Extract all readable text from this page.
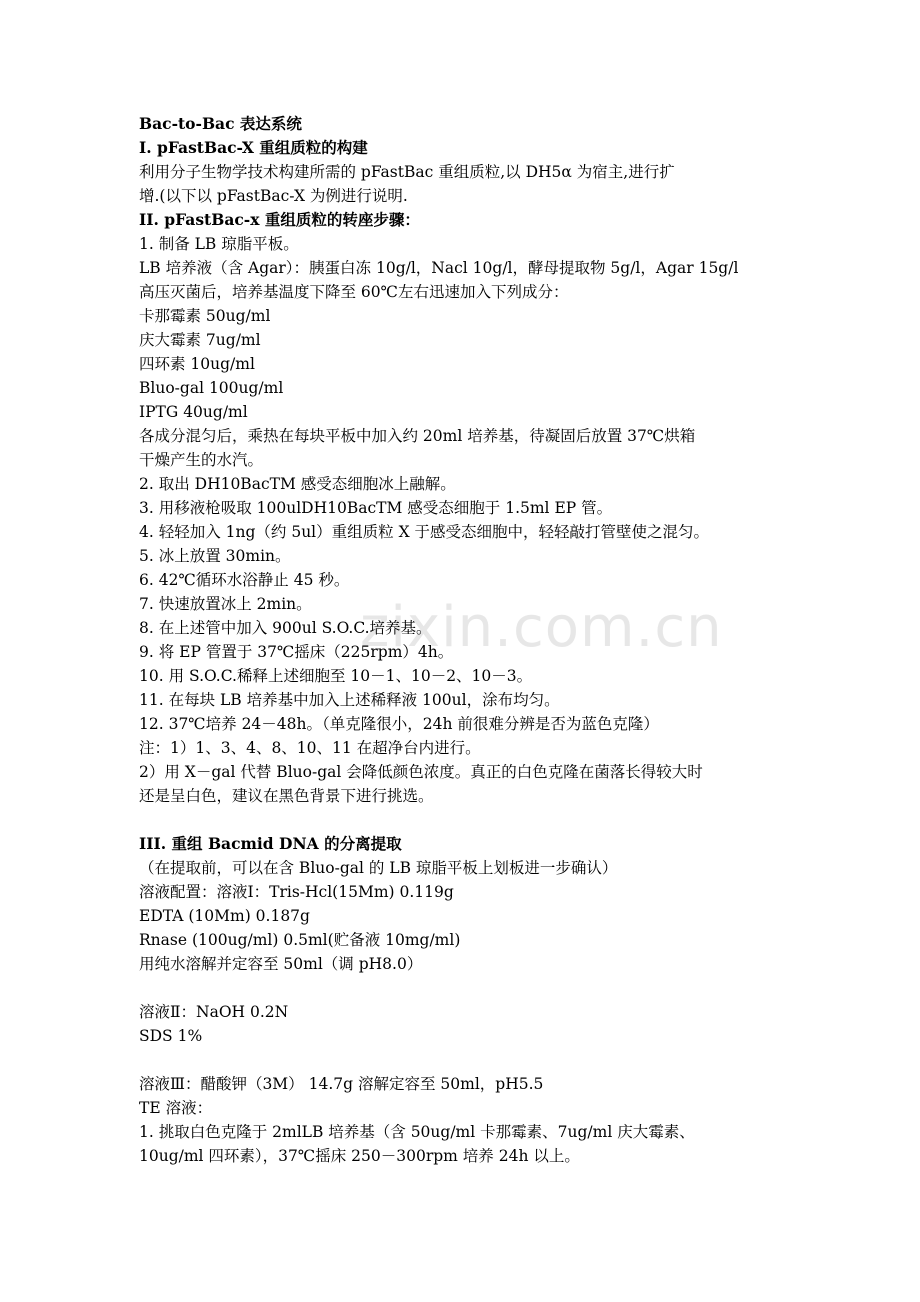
zixin.com.cn
Bac-to-Bac 表达系统
I. pFastBac-X 重组质粒的构建
利用分子生物学技术构建所需的 pFastBac 重组质粒,以 DH5α 为宿主,进行扩
增.(以下以 pFastBac-X 为例进行说明.
II. pFastBac-x 重组质粒的转座步骤：
1. 制备 LB 琼脂平板。
LB 培养液（含 Agar）：胰蛋白冻 10g/l，Nacl 10g/l，酵母提取物 5g/l，Agar 15g/l
高压灭菌后，培养基温度下降至 60℃左右迅速加入下列成分：
卡那霉素 50ug/ml
庆大霉素 7ug/ml
四环素 10ug/ml
Bluo-gal 100ug/ml
IPTG 40ug/ml
各成分混匀后，乘热在每块平板中加入约 20ml 培养基，待凝固后放置 37℃烘箱
干燥产生的水汽。
2. 取出 DH10BacTM 感受态细胞冰上融解。
3. 用移液枪吸取 100ulDH10BacTM 感受态细胞于 1.5ml EP 管。
4. 轻轻加入 1ng（约 5ul）重组质粒 X 于感受态细胞中，轻轻敲打管壁使之混匀。
5. 冰上放置 30min。
6. 42℃循环水浴静止 45 秒。
7. 快速放置冰上 2min。
8. 在上述管中加入 900ul S.O.C.培养基。
9. 将 EP 管置于 37℃摇床（225rpm）4h。
10. 用 S.O.C.稀释上述细胞至 10－1、10－2、10－3。
11. 在每块 LB 培养基中加入上述稀释液 100ul，涂布均匀。
12. 37℃培养 24－48h。（单克隆很小，24h 前很难分辨是否为蓝色克隆）
注：1）1、3、4、8、10、11 在超净台内进行。
2）用 X－gal 代替 Bluo-gal 会降低颜色浓度。真正的白色克隆在菌落长得较大时
还是呈白色，建议在黑色背景下进行挑选。
III. 重组 Bacmid DNA 的分离提取
（在提取前，可以在含 Bluo-gal 的 LB 琼脂平板上划板进一步确认）
溶液配置：溶液Ⅰ：Tris-Hcl(15Mm) 0.119g
EDTA (10Mm) 0.187g
Rnase (100ug/ml) 0.5ml(贮备液 10mg/ml)
用纯水溶解并定容至 50ml（调 pH8.0）
溶液Ⅱ：NaOH 0.2N
SDS 1%
溶液Ⅲ：醋酸钾（3M） 14.7g 溶解定容至 50ml，pH5.5
TE 溶液：
1. 挑取白色克隆于 2mlLB 培养基（含 50ug/ml 卡那霉素、7ug/ml 庆大霉素、
10ug/ml 四环素），37℃摇床 250－300rpm 培养 24h 以上。
